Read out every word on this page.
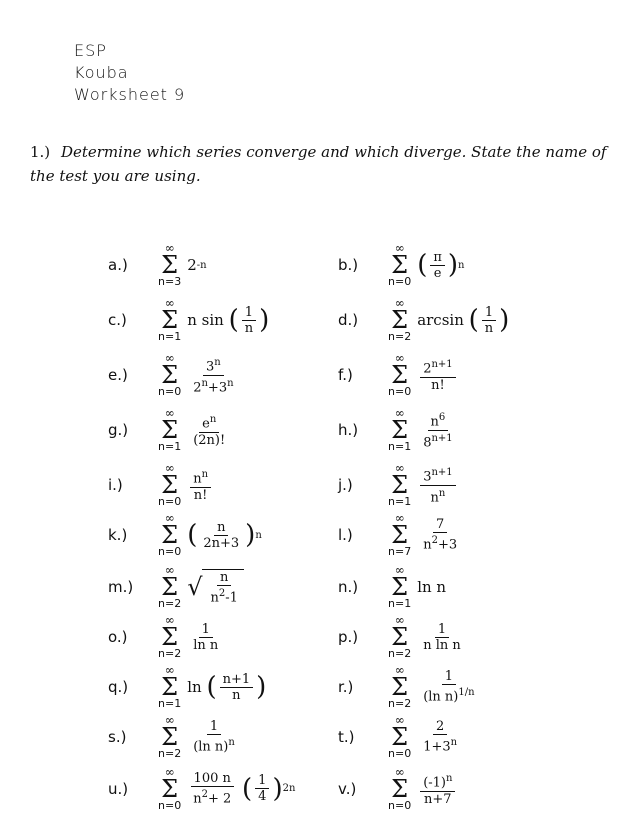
ESP
Kouba
Worksheet 9
1.) Determine which series converge and which diverge. State the name of the test you are using.
a.)
∞
Σ
n=3
2 -n	b.)
∞
Σ
n=0
( $\frac{\pi}{e}$ ) n
c.)
∞
Σ
n=1
n sin
( $\frac{1}{n}$ )	d.)
∞
Σ
n=2
arcsin
( $\frac{1}{n}$ )
e.)
∞
Σ
$n=0 \frac{3^n}{2^n+3^n}$	f.)
∞
Σ
$n=0 \frac{2^{n+1}}{n!}$
g.)
∞
Σ
$n=1 \frac{e^n}{(2n)!}$	h.)
∞
Σ
$n=1 \frac{n^6}{8^{n+1}}$
i.)
∞
Σ
$n=0 \frac{n^n}{n!}$	j.)
∞
Σ
$n=1 \frac{3^{n+1}}{n^n}$
k.)
∞
Σ
n=0
( $\frac{n}{2n+3}$ ) n	l.)
∞
Σ
$n=7 \frac{7}{n^2+3}$
m.)
∞
Σ
n=2
√ $\frac{n}{n^2-1}$	n.)
∞
Σ
n=1
ln n
o.)
∞
Σ
n=2
$\frac{1}{\text{ln n}}$	p.)
∞
Σ
n=2
$\frac{1}{\text{n ln n}}$
q.)
∞
Σ
n=1
ln
( $\frac{n+1}{n}$ )	r.)
∞
Σ
$n=2 \frac{1}{(\ln n)^{1/n}}$
s.)
∞
Σ
$n=2 \frac{1}{(\ln n)^n}$	t.)
∞
Σ
$n=0 \frac{2}{1+3^n}$
u.)
∞
Σ
$n=0 \frac{100 n}{n^2+ 2}$
( $\frac{1}{4}$ ) 2n	v.)
∞
Σ
$n=0 \frac{(-1)^n}{n+7}$
